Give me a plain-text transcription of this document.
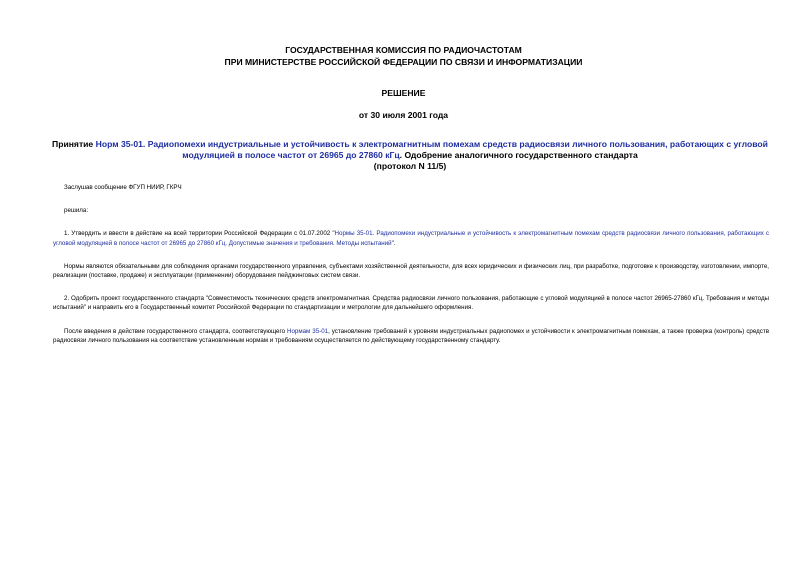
ГОСУДАРСТВЕННАЯ КОМИССИЯ ПО РАДИОЧАСТОТАМ
ПРИ МИНИСТЕРСТВЕ РОССИЙСКОЙ ФЕДЕРАЦИИ ПО СВЯЗИ И ИНФОРМАТИЗАЦИИ
РЕШЕНИЕ
от 30 июля 2001 года
Принятие Норм 35-01. Радиопомехи индустриальные и устойчивость к электромагнитным помехам средств радиосвязи личного пользования, работающих с угловой модуляцией в полосе частот от 26965 до 27860 кГц. Одобрение аналогичного государственного стандарта
(протокол N 11/5)

Заслушав сообщение ФГУП НИИР, ГКРЧ

решила:

1. Утвердить и ввести в действие на всей территории Российской Федерации с 01.07.2002 "Нормы 35-01. Радиопомехи индустриальные и устойчивость к электромагнитным помехам средств радиосвязи личного пользования, работающих с угловой модуляцией в полосе частот от 26965 до 27860 кГц. Допустимые значения и требования. Методы испытаний".

Нормы являются обязательными для соблюдения органами государственного управления, субъектами хозяйственной деятельности, для всех юридических и физических лиц, при разработке, подготовке к производству, изготовлении, импорте, реализации (поставке, продаже) и эксплуатации (применении) оборудования пейджинговых систем связи.

2. Одобрить проект государственного стандарта "Совместимость технических средств электромагнитная. Средства радиосвязи личного пользования, работающие с угловой модуляцией в полосе частот 26965-27860 кГц. Требования и методы испытаний" и направить его в Государственный комитет Российской Федерации по стандартизации и метрологии для дальнейшего оформления.

После введения в действие государственного стандарта, соответствующего Нормам 35-01, установление требований к уровням индустриальных радиопомех и устойчивости к электромагнитным помехам, а также проверка (контроль) средств радиосвязи личного пользования на соответствие установленным нормам и требованиям осуществляется по действующему государственному стандарту.
